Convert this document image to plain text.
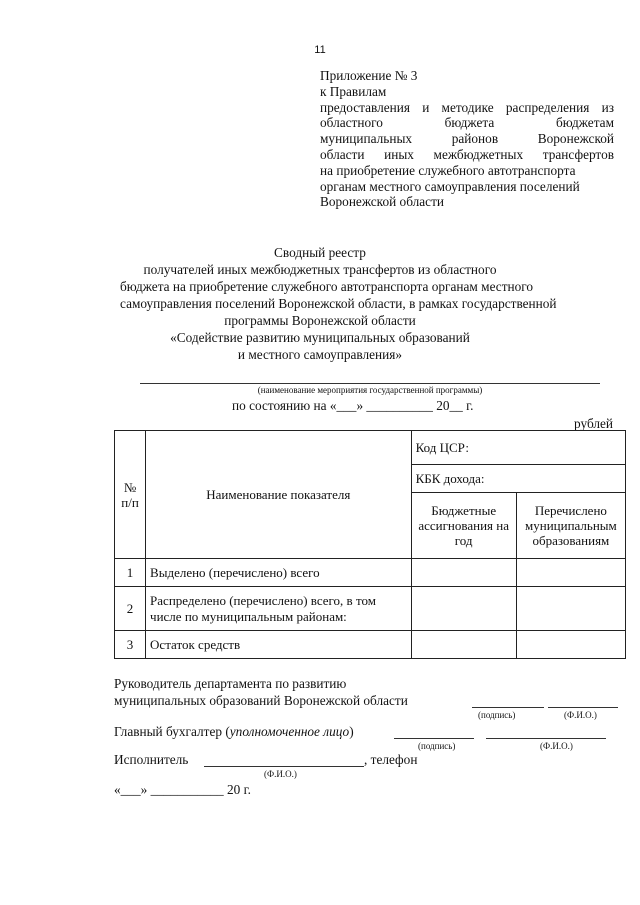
11
Приложение № 3
к Правилам
предоставления и методике распределения из
областного бюджета бюджетам
муниципальных районов Воронежской
области иных межбюджетных трансфертов
на приобретение служебного автотранспорта
органам местного самоуправления поселений
Воронежской области
Сводный реестр
получателей иных межбюджетных трансфертов из областного
бюджета на приобретение служебного автотранспорта органам местного
самоуправления поселений Воронежской области, в рамках государственной
программы Воронежской области
«Содействие развитию муниципальных образований
и местного самоуправления»
(наименование мероприятия государственной программы)
по состоянию на «___» __________ 20__ г.
рублей
№
п/п	Наименование показателя	Код ЦСР:	
		КБК дохода:	
		Бюджетные ассигнования на год	Перечислено муниципальным образованиям
1	Выделено (перечислено) всего		
2	Распределено (перечислено) всего, в том числе по муниципальным районам:		
3	Остаток средств		
Руководитель департамента по развитию
муниципальных образований Воронежской области
(подпись)	(Ф.И.О.)
Главный бухгалтер (уполномоченное лицо)
(подпись)	(Ф.И.О.)
Исполнитель	, телефон
(Ф.И.О.)
«___» ___________ 20 г.
